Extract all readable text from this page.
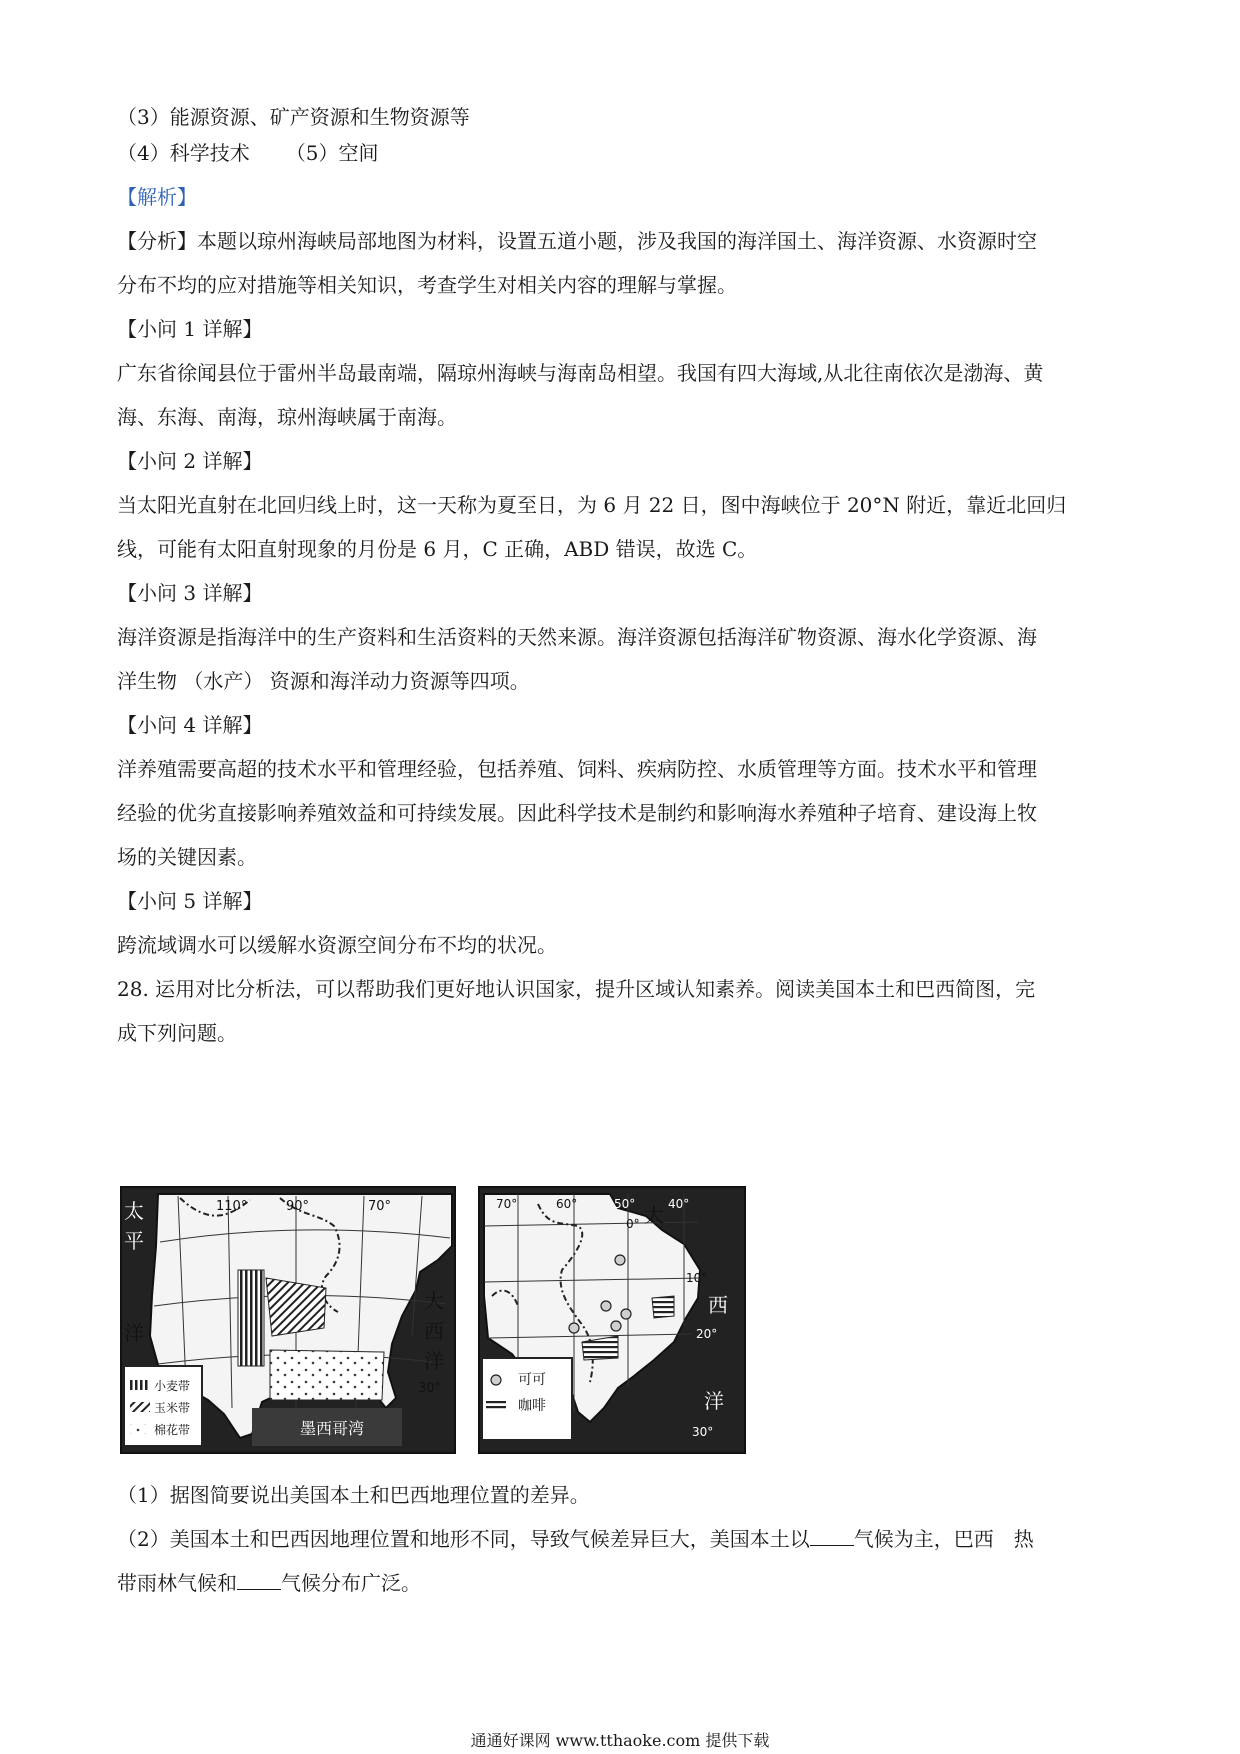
（3）能源资源、矿产资源和生物资源等
（4）科学技术 （5）空间
【解析】
【分析】本题以琼州海峡局部地图为材料，设置五道小题，涉及我国的海洋国土、海洋资源、水资源时空
分布不均的应对措施等相关知识，考查学生对相关内容的理解与掌握。
【小问 1 详解】
广东省徐闻县位于雷州半岛最南端，隔琼州海峡与海南岛相望。我国有四大海域,从北往南依次是渤海、黄
海、东海、南海，琼州海峡属于南海。
【小问 2 详解】
当太阳光直射在北回归线上时，这一天称为夏至日，为 6 月 22 日，图中海峡位于 20°N 附近，靠近北回归
线，可能有太阳直射现象的月份是 6 月，C 正确，ABD 错误，故选 C。
【小问 3 详解】
海洋资源是指海洋中的生产资料和生活资料的天然来源。海洋资源包括海洋矿物资源、海水化学资源、海
洋生物 （水产） 资源和海洋动力资源等四项。
【小问 4 详解】
洋养殖需要高超的技术水平和管理经验，包括养殖、饲料、疾病防控、水质管理等方面。技术水平和管理
经验的优劣直接影响养殖效益和可持续发展。因此科学技术是制约和影响海水养殖种子培育、建设海上牧
场的关键因素。
【小问 5 详解】
跨流域调水可以缓解水资源空间分布不均的状况。
28. 运用对比分析法，可以帮助我们更好地认识国家，提升区域认知素养。阅读美国本土和巴西简图，完
成下列问题。
小麦带
玉米带
棉花带
110°	90°	70°
30°
墨西哥湾
太
平
洋
大
西
洋
可可
咖啡
70°	60°	50°	40°
0°
10°
20°
30°
大
西
洋
（1）据图简要说出美国本土和巴西地理位置的差异。
（2）美国本土和巴西因地理位置和地形不同，导致气候差异巨大，美国本土以 气候为主，巴西　热
带雨林气候和 气候分布广泛。
通通好课网 www.tthaoke.com 提供下载
